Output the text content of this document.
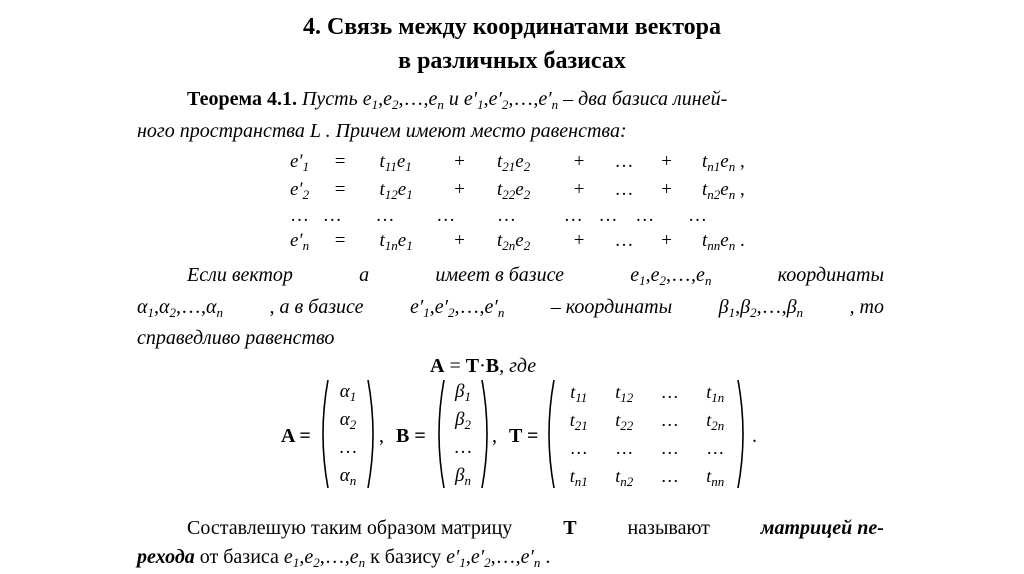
4. Связь между координатами вектора
в различных базисах
Теорема 4.1. Пусть $e_1,e_2,\dots,e_n$ и $e'_1,e'_2,\dots,e'_n$ – два базиса линей-
ного пространства L . Причем имеют место равенства:
$e'_1 = t_{11}e_1 + t_{21}e_2$ + … + $t_{n1}e_n$ ,
$e'_2 = t_{12}e_1 + t_{22}e_2$ + … + $t_{n2}e_n$ ,
… … … … …	… … … …
$e'_n = t_{1n}e_1 + t_{2n}e_2$ + … + $t_{nn}e_n$ .
Если вектор	a	имеет в базисе	$e_1,e_2,\dots,e_n$	координаты
$\alpha_1,\alpha_2,\dots,\alpha_n$ , а в базисе $e'_1,e'_2,\dots,e'_n$ – координаты $\beta_1,\beta_2,\dots,\beta_n$ , то
справедливо равенство
A = T·B, где
A =
$\alpha_1$
$\alpha_2$
…
$\alpha_n$
, B =
$\beta_1$
$\beta_2$
…
$\beta_n$
, T =
$t_{11}$ $t_{12}$ … $t_{1n}$
$t_{21}$ $t_{22}$ … $t_{2n}$
… … … …
$t_{n1}$ $t_{n2}$ … $t_{nn}$
.
Составлешую таким образом матрицу	T	называют	матрицей пе-
рехода от базиса $e_1,e_2,\dots,e_n$ к базису $e'_1,e'_2,\dots,e'_n$ .
